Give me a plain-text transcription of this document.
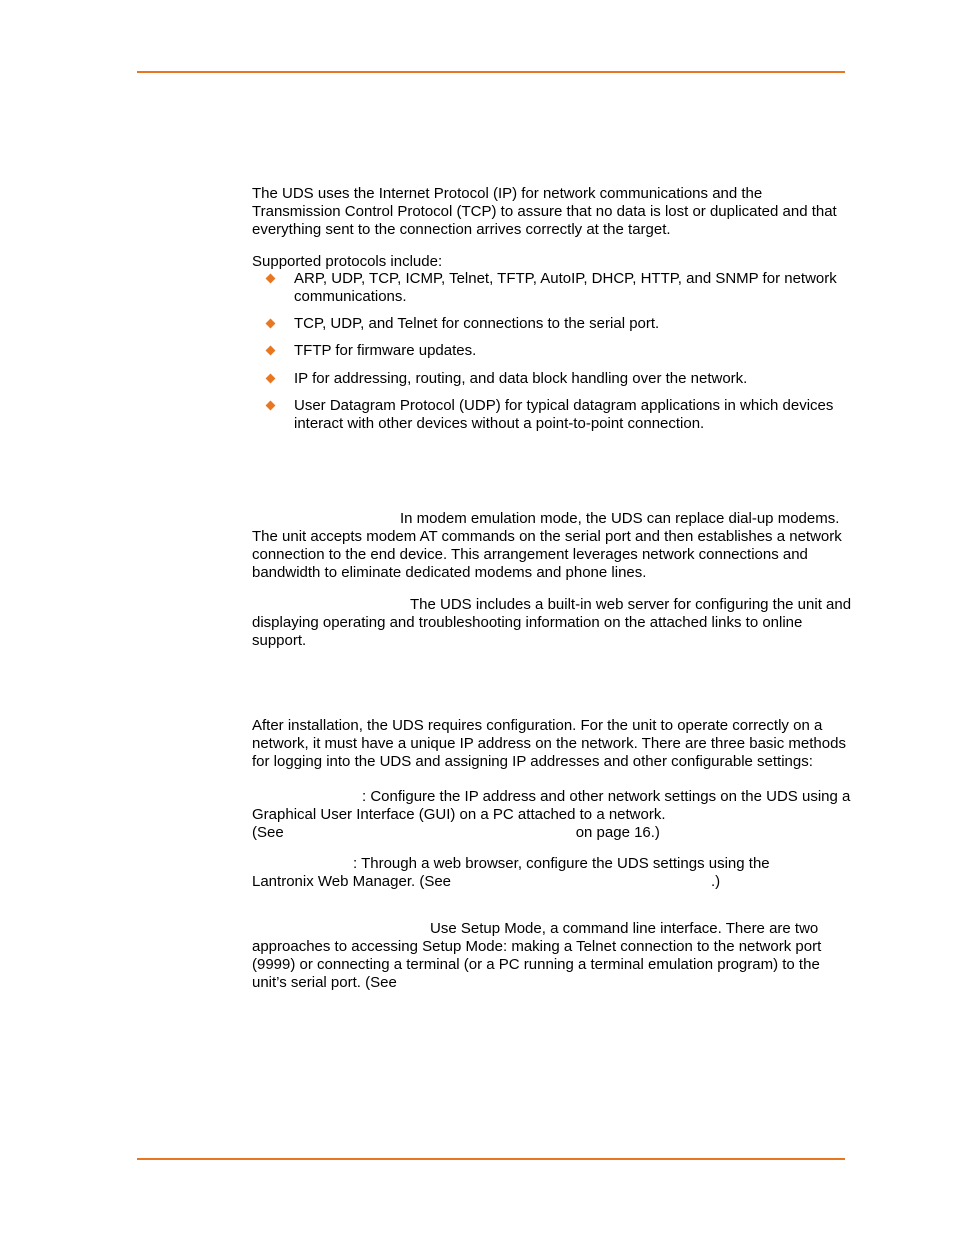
The UDS uses the Internet Protocol (IP) for network communications and the Transmission Control Protocol (TCP) to assure that no data is lost or duplicated and that everything sent to the connection arrives correctly at the target.

Supported protocols include:

ARP, UDP, TCP, ICMP, Telnet, TFTP, AutoIP, DHCP, HTTP, and SNMP for network communications.
TCP, UDP, and Telnet for connections to the serial port.
TFTP for firmware updates.
IP for addressing, routing, and data block handling over the network.
User Datagram Protocol (UDP) for typical datagram applications in which devices interact with other devices without a point-to-point connection.

In modem emulation mode, the UDS can replace dial-up modems. The unit accepts modem AT commands on the serial port and then establishes a network connection to the end device. This arrangement leverages network connections and bandwidth to eliminate dedicated modems and phone lines.

The UDS includes a built-in web server for configuring the unit and displaying operating and troubleshooting information on the attached links to online support.

After installation, the UDS requires configuration. For the unit to operate correctly on a network, it must have a unique IP address on the network. There are three basic methods for logging into the UDS and assigning IP addresses and other configurable settings:

: Configure the IP address and other network settings on the UDS using a Graphical User Interface (GUI) on a PC attached to a network.
(See	on page 16.)
: Through a web browser, configure the UDS settings using the
Lantronix Web Manager. (See	.)

Use Setup Mode, a command line interface. There are two approaches to accessing Setup Mode: making a Telnet connection to the network port (9999) or connecting a terminal (or a PC running a terminal emulation program) to the unit’s serial port. (See
